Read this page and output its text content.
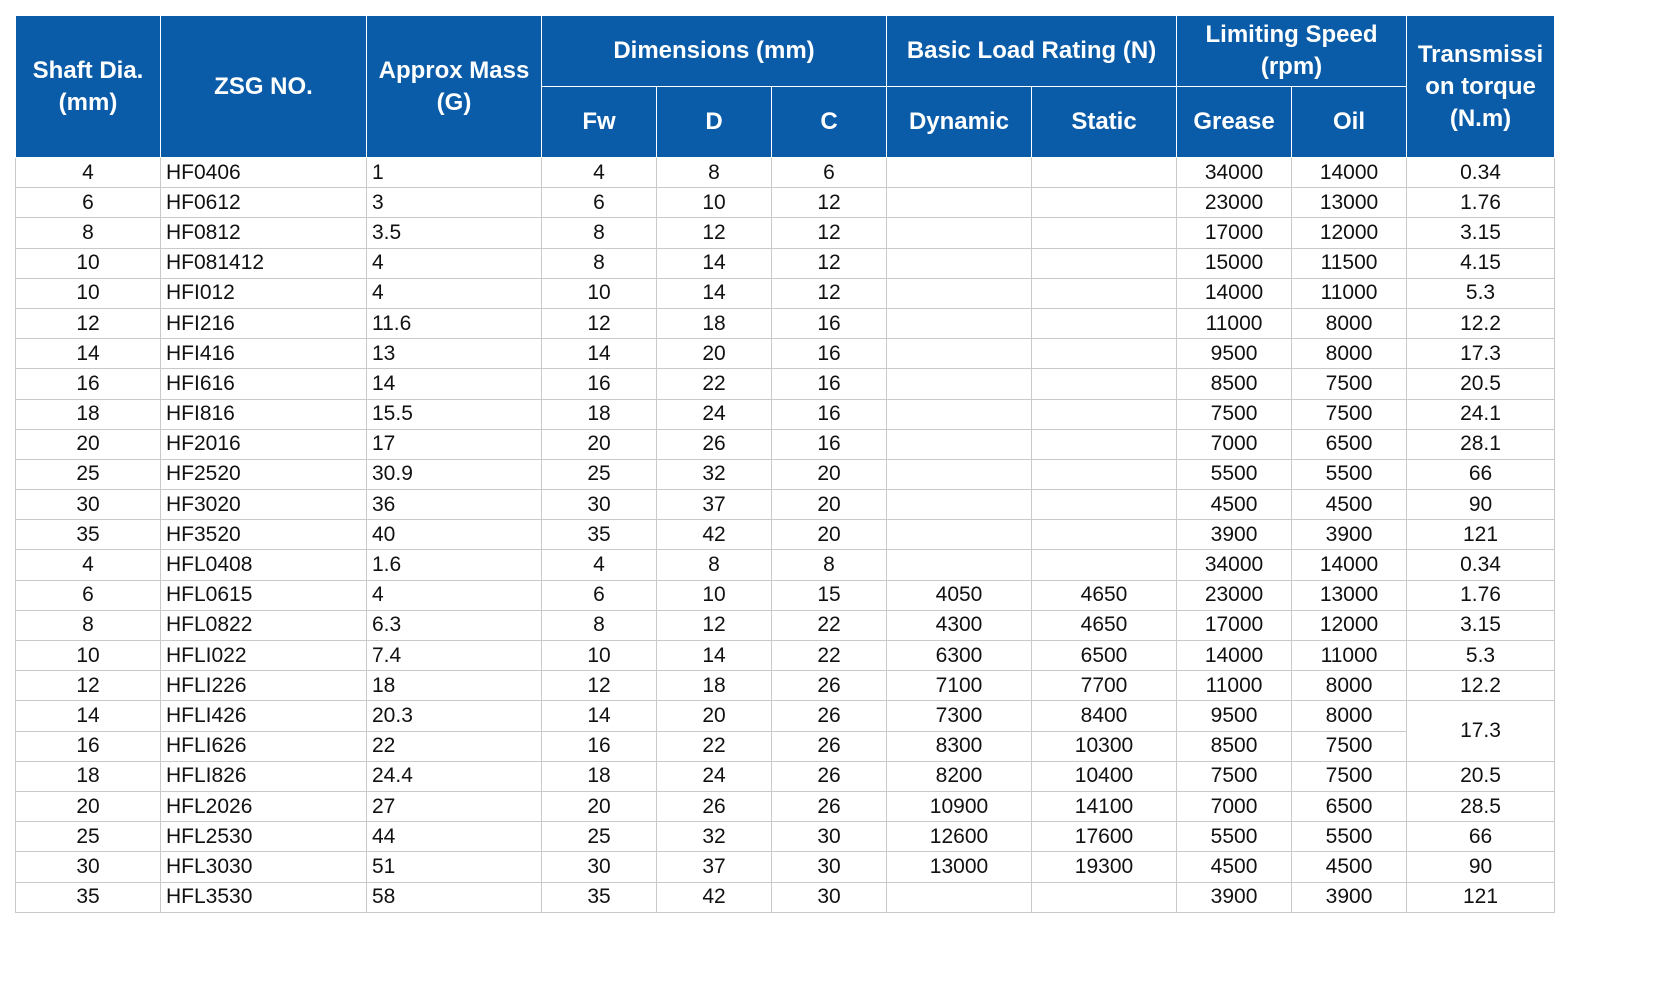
Shaft Dia. (mm)	ZSG NO.	Approx Mass (G)	Dimensions (mm)			Basic Load Rating (N)		Limiting Speed (rpm)		Transmissi on torque (N.m)
			Fw	D	C	Dynamic	Static	Grease	Oil	
4	HF0406	1	4	8	6			34000	14000	0.34
6	HF0612	3	6	10	12			23000	13000	1.76
8	HF0812	3.5	8	12	12			17000	12000	3.15
10	HF081412	4	8	14	12			15000	11500	4.15
10	HFI012	4	10	14	12			14000	11000	5.3
12	HFI216	11.6	12	18	16			11000	8000	12.2
14	HFI416	13	14	20	16			9500	8000	17.3
16	HFI616	14	16	22	16			8500	7500	20.5
18	HFI816	15.5	18	24	16			7500	7500	24.1
20	HF2016	17	20	26	16			7000	6500	28.1
25	HF2520	30.9	25	32	20			5500	5500	66
30	HF3020	36	30	37	20			4500	4500	90
35	HF3520	40	35	42	20			3900	3900	121
4	HFL0408	1.6	4	8	8			34000	14000	0.34
6	HFL0615	4	6	10	15	4050	4650	23000	13000	1.76
8	HFL0822	6.3	8	12	22	4300	4650	17000	12000	3.15
10	HFLI022	7.4	10	14	22	6300	6500	14000	11000	5.3
12	HFLI226	18	12	18	26	7100	7700	11000	8000	12.2
14	HFLI426	20.3	14	20	26	7300	8400	9500	8000	17.3
16	HFLI626	22	16	22	26	8300	10300	8500	7500	
18	HFLI826	24.4	18	24	26	8200	10400	7500	7500	20.5
20	HFL2026	27	20	26	26	10900	14100	7000	6500	28.5
25	HFL2530	44	25	32	30	12600	17600	5500	5500	66
30	HFL3030	51	30	37	30	13000	19300	4500	4500	90
35	HFL3530	58	35	42	30			3900	3900	121
